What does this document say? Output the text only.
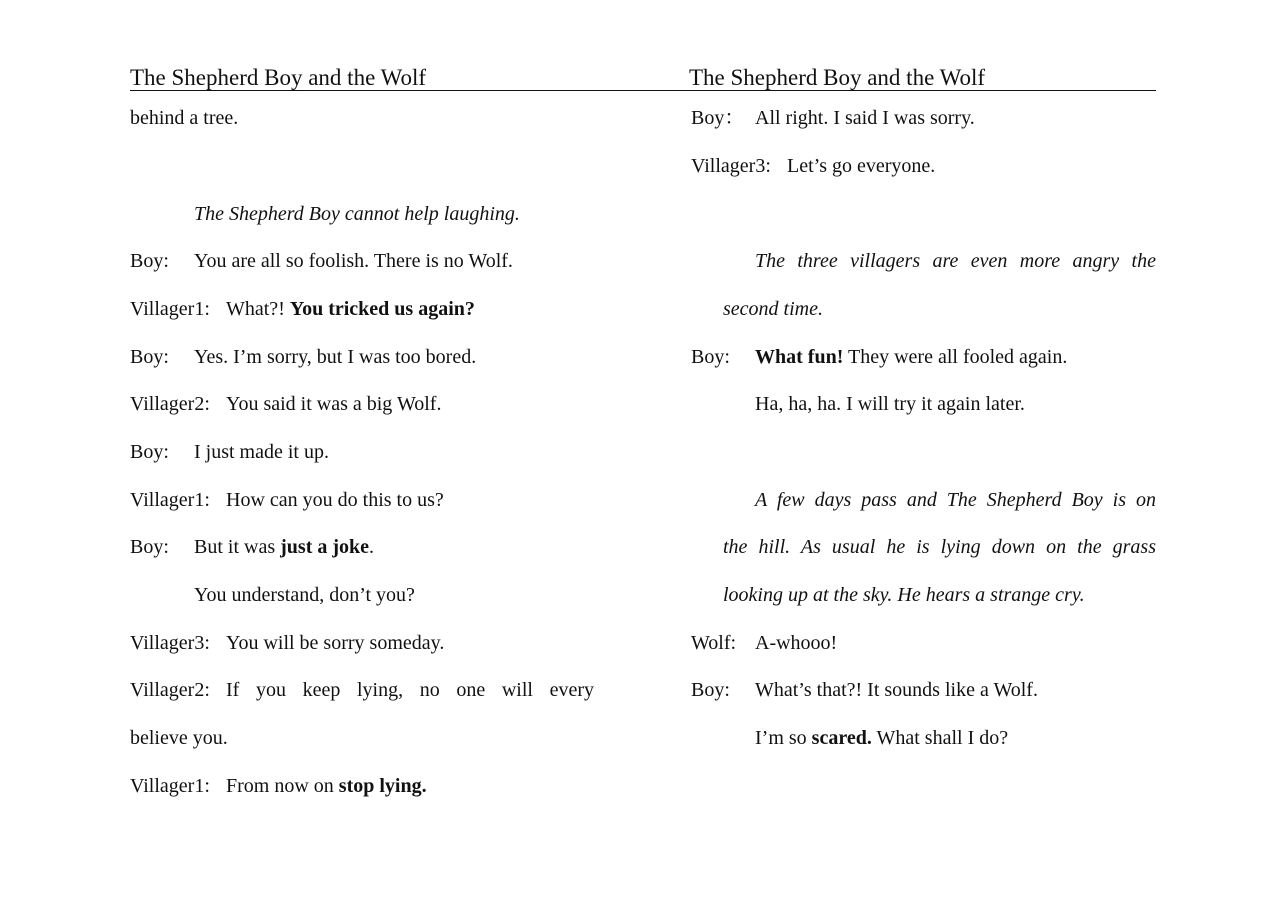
The Shepherd Boy and the Wolf	The Shepherd Boy and the Wolf
behind a tree.
The Shepherd Boy cannot help laughing.
Boy: You are all so foolish. There is no Wolf.
Villager1: What?! You tricked us again?
Boy: Yes. I’m sorry, but I was too bored.
Villager2: You said it was a big Wolf.
Boy: I just made it up.
Villager1: How can you do this to us?
Boy: But it was just a joke.
You understand, don’t you?
Villager3: You will be sorry someday.
Villager2: If you keep lying, no one will every
believe you.
Villager1: From now on stop lying.
Boy： All right. I said I was sorry.
Villager3: Let’s go everyone.
The three villagers are even more angry the
second time.
Boy: What fun! They were all fooled again.
Ha, ha, ha. I will try it again later.
A few days pass and The Shepherd Boy is on
the hill. As usual he is lying down on the grass
looking up at the sky. He hears a strange cry.
Wolf: A-whooo!
Boy: What’s that?! It sounds like a Wolf.
I’m so scared. What shall I do?
